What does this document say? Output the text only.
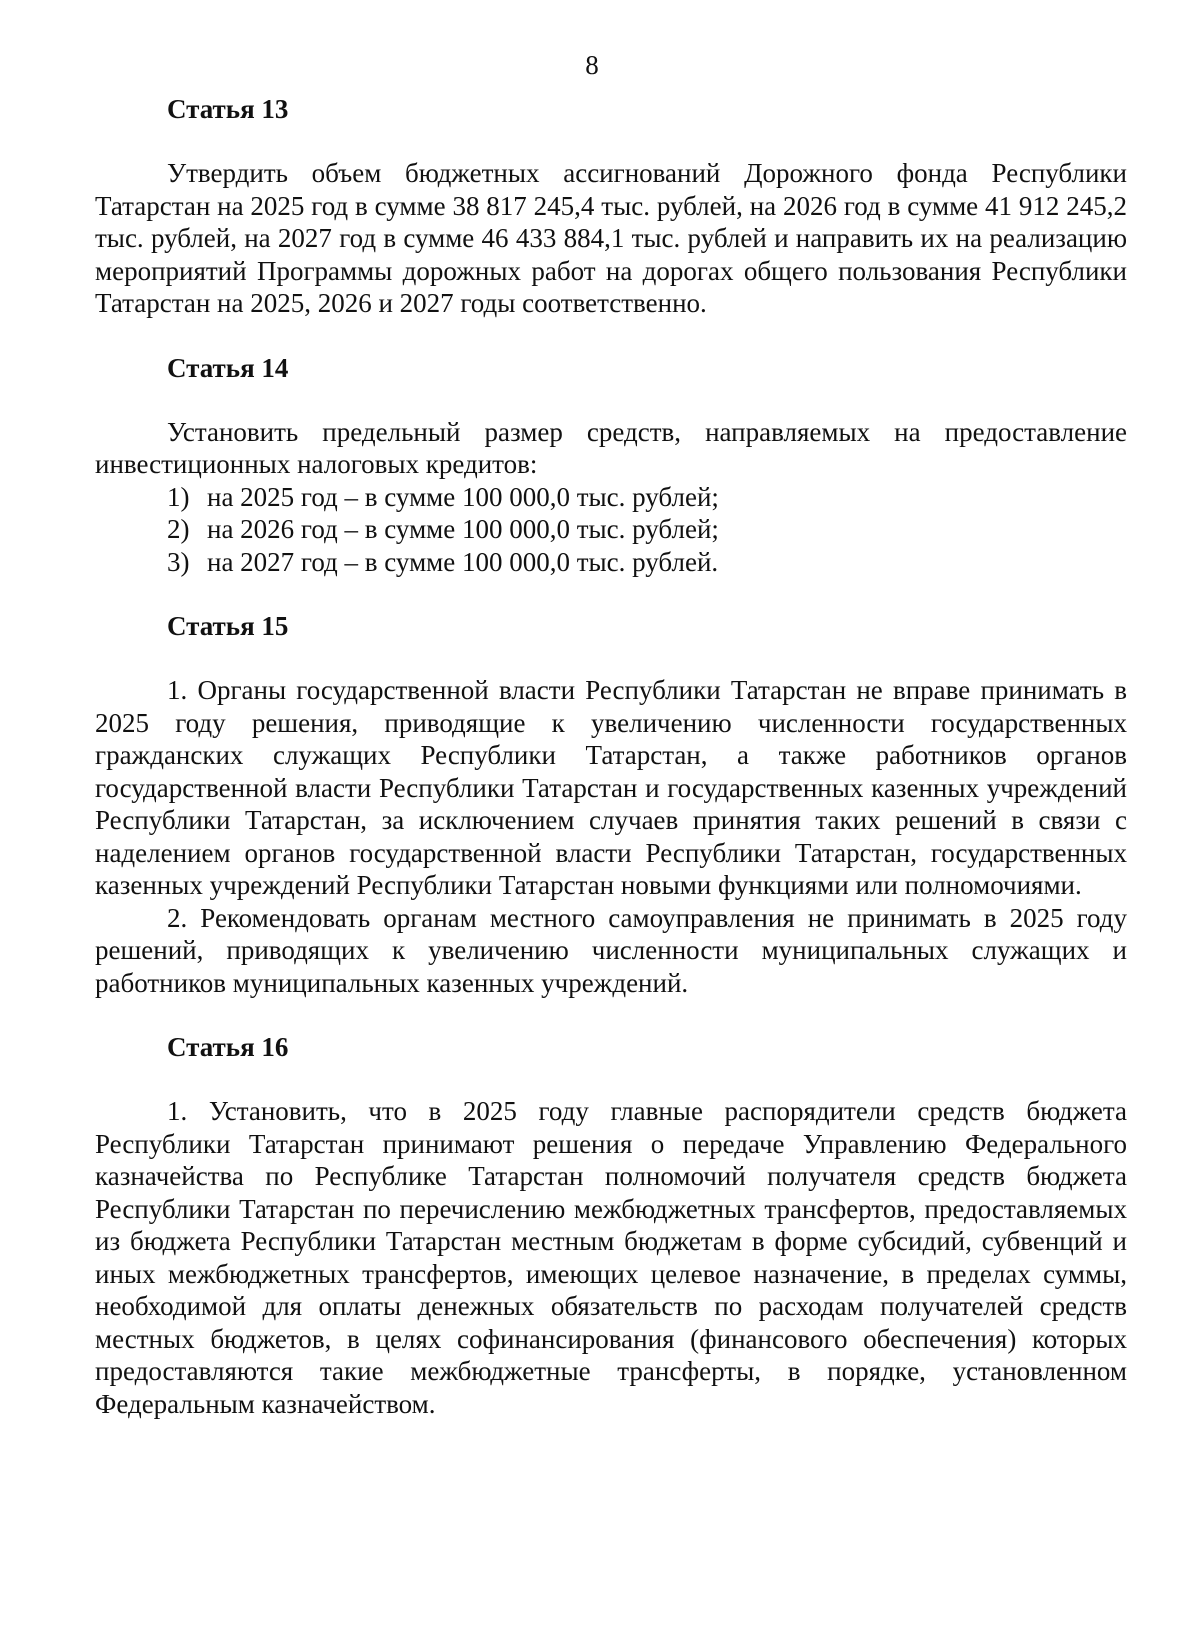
8
Статья 13

Утвердить объем бюджетных ассигнований Дорожного фонда Республики Татарстан на 2025 год в сумме 38 817 245,4 тыс. рублей, на 2026 год в сумме 41 912 245,2 тыс. рублей, на 2027 год в сумме 46 433 884,1 тыс. рублей и направить их на реализацию мероприятий Программы дорожных работ на дорогах общего пользования Республики Татарстан на 2025, 2026 и 2027 годы соответственно.

Статья 14

Установить предельный размер средств, направляемых на предоставление инвестиционных налоговых кредитов:

1) на 2025 год – в сумме 100 000,0 тыс. рублей;
2) на 2026 год – в сумме 100 000,0 тыс. рублей;
3) на 2027 год – в сумме 100 000,0 тыс. рублей.
Статья 15

1. Органы государственной власти Республики Татарстан не вправе принимать в 2025 году решения, приводящие к увеличению численности государственных гражданских служащих Республики Татарстан, а также работников органов государственной власти Республики Татарстан и государственных казенных учреждений Республики Татарстан, за исключением случаев принятия таких решений в связи с наделением органов государственной власти Республики Татарстан, государственных казенных учреждений Республики Татарстан новыми функциями или полномочиями.

2. Рекомендовать органам местного самоуправления не принимать в 2025 году решений, приводящих к увеличению численности муниципальных служащих и работников муниципальных казенных учреждений.

Статья 16

1. Установить, что в 2025 году главные распорядители средств бюджета Республики Татарстан принимают решения о передаче Управлению Федерального казначейства по Республике Татарстан полномочий получателя средств бюджета Республики Татарстан по перечислению межбюджетных трансфертов, предоставляемых из бюджета Республики Татарстан местным бюджетам в форме субсидий, субвенций и иных межбюджетных трансфертов, имеющих целевое назначение, в пределах суммы, необходимой для оплаты денежных обязательств по расходам получателей средств местных бюджетов, в целях софинансирования (финансового обеспечения) которых предоставляются такие межбюджетные трансферты, в порядке, установленном Федеральным казначейством.
